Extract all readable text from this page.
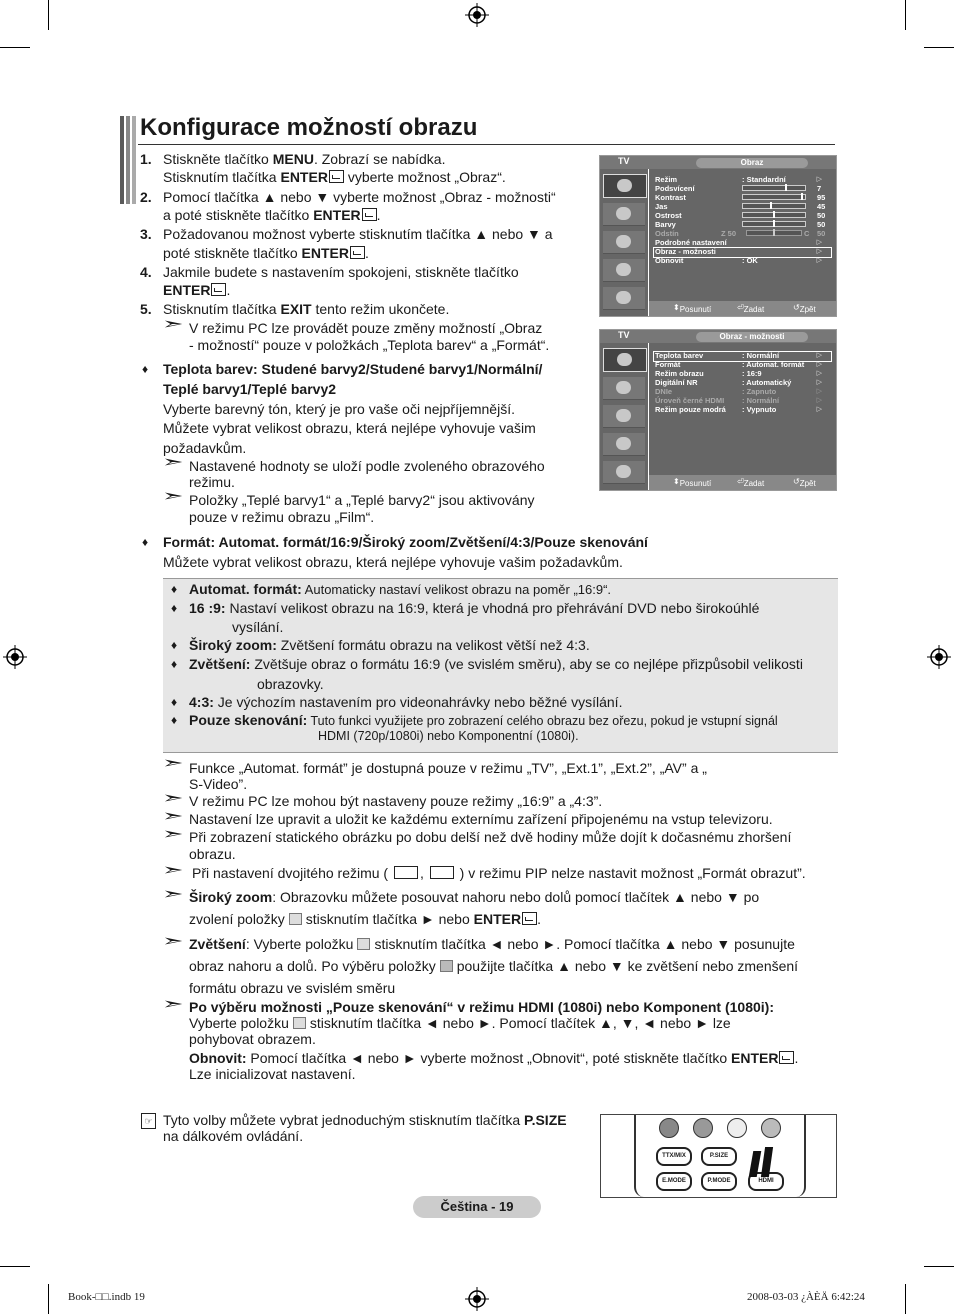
Konfigurace možností obrazu
1. Stiskněte tlačítko MENU. Zobrazí se nabídka.
Stisknutím tlačítka ENTER vyberte možnost „Obraz“.
2. Pomocí tlačítka ▲ nebo ▼ vyberte možnost „Obraz - možnosti“
a poté stiskněte tlačítko ENTER .
3. Požadovanou možnost vyberte stisknutím tlačítka ▲ nebo ▼ a
poté stiskněte tlačítko ENTER .
4. Jakmile budete s nastavením spokojeni, stiskněte tlačítko
ENTER .
5. Stisknutím tlačítka EXIT tento režim ukončete.
➣ V režimu PC lze provádět pouze změny možností „Obraz
- možností“ pouze v položkách „Teplota barev“ a „Formát“.
♦ Teplota barev: Studené barvy2/Studené barvy1/Normální/
Teplé barvy1/Teplé barvy2
Vyberte barevný tón, který je pro vaše oči nejpříjemnější.
Můžete vybrat velikost obrazu, která nejlépe vyhovuje vašim
požadavkům.
➣ Nastavené hodnoty se uloží podle zvoleného obrazového
režimu.
➣ Položky „Teplé barvy1“ a „Teplé barvy2“ jsou aktivovány
pouze v režimu obrazu „Film“.
TV	Obraz
Režim	: Standardní	▷
Podsvícení	7
Kontrast	95
Jas	45
Ostrost	50
Barvy	50
Odstín	Z 50	C 50
Podrobné nastavení	▷
Obraz - možnosti	▷
Obnovit	: OK	▷
⬍ Posunutí	⏎ Zadat	↺ Zpět
TV	Obraz - možnosti
Teplota barev	: Normální	▷
Formát	: Automat. formát ▷
Režim obrazu	: 16:9	▷
Digitální NR	: Automatický	▷
DNIe	: Zapnuto	▷
Úroveň černé HDMI : Normální	▷
Režim pouze modrá : Vypnuto	▷
⬍ Posunutí	⏎ Zadat	↺ Zpět
♦ Formát: Automat. formát/16:9/Široký zoom/Zvětšení/4:3/Pouze skenování
Můžete vybrat velikost obrazu, která nejlépe vyhovuje vašim požadavkům.
♦ Automat. formát: Automaticky nastaví velikost obrazu na poměr „16:9“.
♦ 16 :9: Nastaví velikost obrazu na 16:9, která je vhodná pro přehrávání DVD nebo širokoúhlé
vysílání.
♦ Široký zoom: Zvětšení formátu obrazu na velikost větší než 4:3.
♦ Zvětšení: Zvětšuje obraz o formátu 16:9 (ve svislém směru), aby se co nejlépe přizpůsobil velikosti
obrazovky.
♦ 4:3: Je výchozím nastavením pro videonahrávky nebo běžné vysílání.
♦ Pouze skenování: Tuto funkci využijete pro zobrazení celého obrazu bez ořezu, pokud je vstupní signál
HDMI (720p/1080i) nebo Komponentní (1080i).
➣ Funkce „Automat. formát” je dostupná pouze v režimu „TV”, „Ext.1”, „Ext.2”, „AV” a „
S-Video”.
➣ V režimu PC lze mohou být nastaveny pouze režimy „16:9” a „4:3”.
➣ Nastavení lze upravit a uložit ke každému externímu zařízení připojenému na vstup televizoru.
➣ Při zobrazení statického obrázku po dobu delší než dvě hodiny může dojít k dočasnému zhoršení
obrazu.
➣ Při nastavení dvojitého režimu ( ,	) v režimu PIP nelze nastavit možnost „Formát obrazut”.
➣ Široký zoom: Obrazovku můžete posouvat nahoru nebo dolů pomocí tlačítek ▲ nebo ▼ po
zvolení položky stisknutím tlačítka ► nebo ENTER .
➣ Zvětšení: Vyberte položku stisknutím tlačítka ◄ nebo ►. Pomocí tlačítka ▲ nebo ▼ posunujte
obraz nahoru a dolů. Po výběru položky použijte tlačítka ▲ nebo ▼ ke zvětšení nebo zmenšení
formátu obrazu ve svislém směru
➣ Po výběru možnosti „Pouze skenování“ v režimu HDMI (1080i) nebo Komponent (1080i):
Vyberte položku stisknutím tlačítka ◄ nebo ►. Pomocí tlačítek ▲, ▼, ◄ nebo ► lze
pohybovat obrazem.
Obnovit: Pomocí tlačítka ◄ nebo ► vyberte možnost „Obnovit“, poté stiskněte tlačítko ENTER .
Lze inicializovat nastavení.
☞ Tyto volby můžete vybrat jednoduchým stisknutím tlačítka P.SIZE
na dálkovém ovládání.
TTX/MIX	P.SIZE
E.MODE	P.MODE	HDMI
Čeština - 19
Book-□□.indb 19	2008-03-03 ¿ÀÈÄ 6:42:24
